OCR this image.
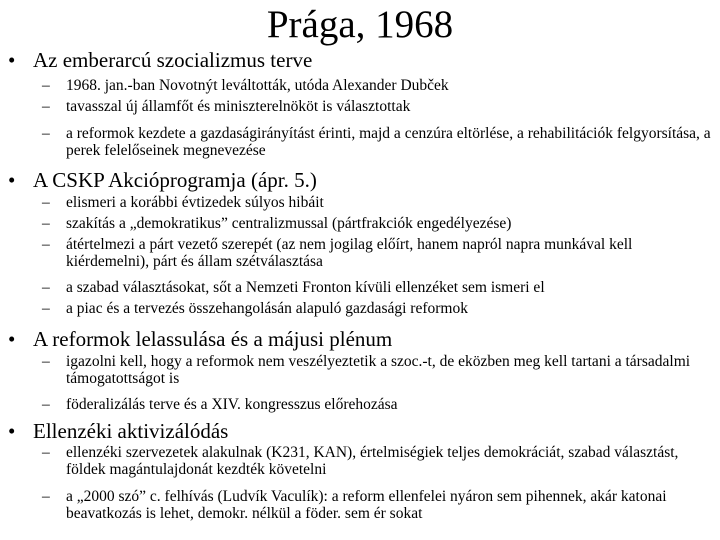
Prága, 1968
• Az emberarcú szocializmus terve
– 1968. jan.-ban Novotnýt leváltották, utóda Alexander Dubček
– tavasszal új államfőt és miniszterelnököt is választottak
– a reformok kezdete a gazdaságirányítást érinti, majd a cenzúra eltörlése, a rehabilitációk felgyorsítása, a perek felelőseinek megnevezése
• A CSKP Akcióprogramja (ápr. 5.)
– elismeri a korábbi évtizedek súlyos hibáit
– szakítás a „demokratikus” centralizmussal (pártfrakciók engedélyezése)
– átértelmezi a párt vezető szerepét (az nem jogilag előírt, hanem napról napra munkával kell kiérdemelni), párt és állam szétválasztása
– a szabad választásokat, sőt a Nemzeti Fronton kívüli ellenzéket sem ismeri el
– a piac és a tervezés összehangolásán alapuló gazdasági reformok
• A reformok lelassulása és a májusi plénum
– igazolni kell, hogy a reformok nem veszélyeztetik a szoc.-t, de eközben meg kell tartani a társadalmi támogatottságot is
– föderalizálás terve és a XIV. kongresszus előrehozása
• Ellenzéki aktivizálódás
– ellenzéki szervezetek alakulnak (K231, KAN), értelmiségiek teljes demokráciát, szabad választást, földek magántulajdonát kezdték követelni
– a „2000 szó” c. felhívás (Ludvík Vaculík): a reform ellenfelei nyáron sem pihennek, akár katonai beavatkozás is lehet, demokr. nélkül a föder. sem ér sokat
